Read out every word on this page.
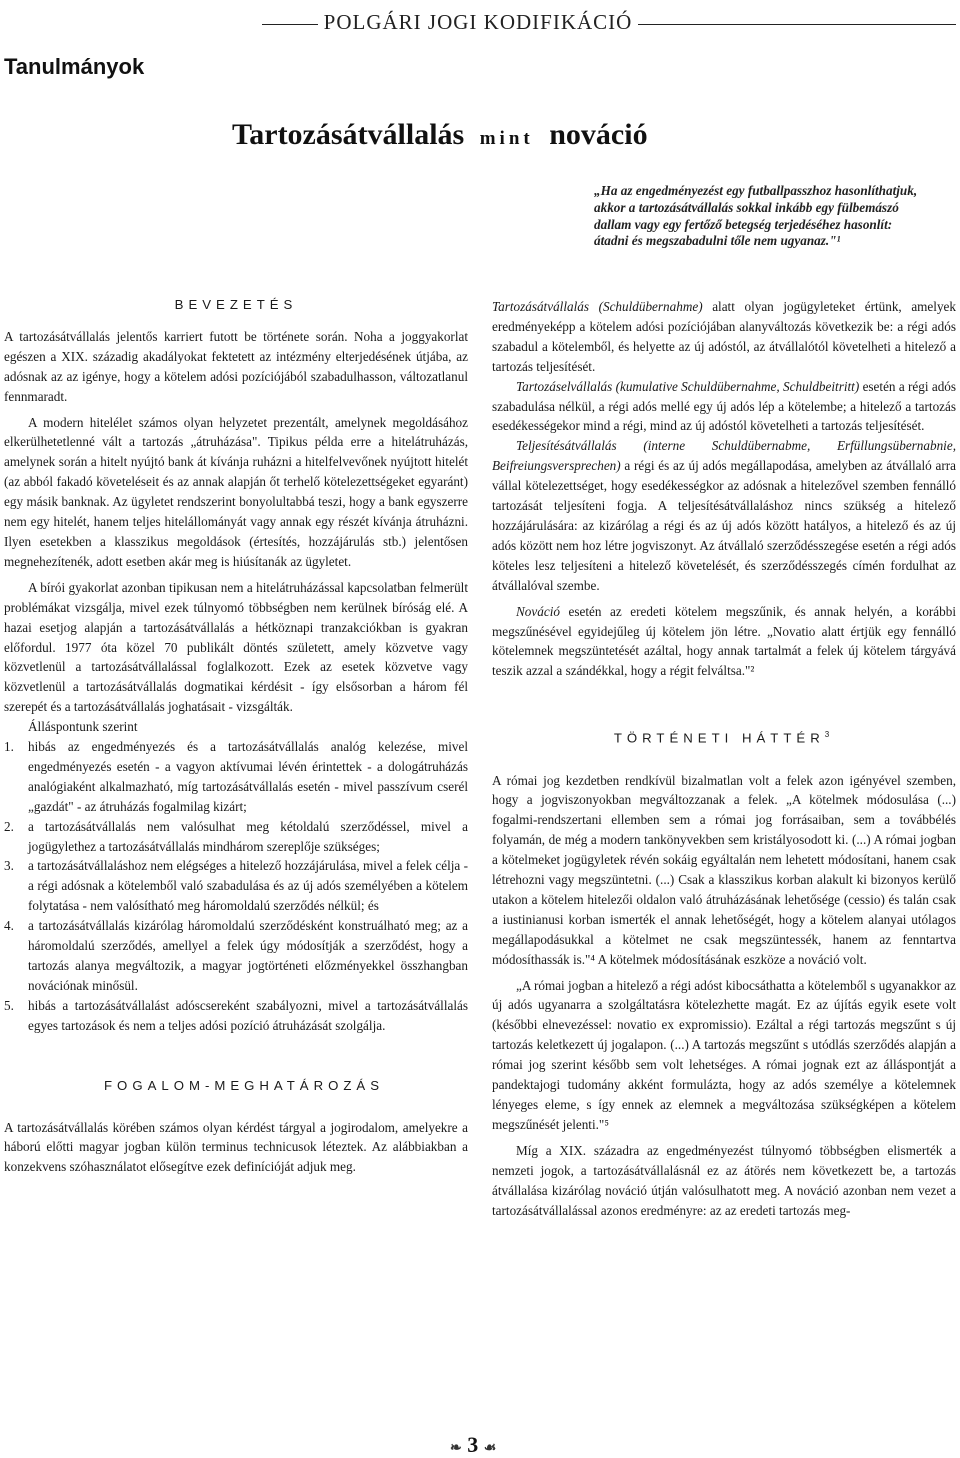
POLGÁRI JOGI KODIFIKÁCIÓ
Tanulmányok
Tartozásátvállalás mint nováció
„Ha az engedményezést egy futballpasszhoz hasonlíthatjuk,
akkor a tartozásátvállalás sokkal inkább egy fülbemászó
dallam vagy egy fertőző betegség terjedéséhez hasonlít:
átadni és megszabadulni tőle nem ugyanaz."¹
BEVEZETÉS

A tartozásátvállalás jelentős karriert futott be története során. Noha a joggyakorlat egészen a XIX. századig akadályokat fektetett az intézmény elterjedésének útjába, az adósnak az az igénye, hogy a kötelem adósi pozíciójából szabadulhasson, változatlanul fennmaradt.

A modern hitelélet számos olyan helyzetet prezentált, amelynek megoldásához elkerülhetetlenné vált a tartozás „átruházása". Tipikus példa erre a hitelátruházás, amelynek során a hitelt nyújtó bank át kívánja ruházni a hitelfelvevőnek nyújtott hitelét (az abból fakadó követeléseit és az annak alapján őt terhelő kötelezettségeket egyaránt) egy másik banknak. Az ügyletet rendszerint bonyolultabbá teszi, hogy a bank egyszerre nem egy hitelét, hanem teljes hitelállományát vagy annak egy részét kívánja átruházni. Ilyen esetekben a klasszikus megoldások (értesítés, hozzájárulás stb.) jelentősen megnehezítenék, adott esetben akár meg is hiúsítanák az ügyletet.

A bírói gyakorlat azonban tipikusan nem a hitelátruházással kapcsolatban felmerült problémákat vizsgálja, mivel ezek túlnyomó többségben nem kerülnek bíróság elé. A hazai esetjog alapján a tartozásátvállalás a hétköznapi tranzakciókban is gyakran előfordul. 1977 óta közel 70 publikált döntés született, amely közvetve vagy közvetlenül a tartozásátvállalással foglalkozott. Ezek az esetek közvetve vagy közvetlenül a tartozásátvállalás dogmatikai kérdésit - így elsősorban a három fél szerepét és a tartozásátvállalás joghatásait - vizsgálták.

Álláspontunk szerint

1. hibás az engedményezés és a tartozásátvállalás analóg kelezése, mivel engedményezés esetén - a vagyon aktívumai lévén érintettek - a dologátruházás analógiaként alkalmazható, míg tartozásátvállalás esetén - mivel passzívum cserél „gazdát" - az átruházás fogalmilag kizárt;
2. a tartozásátvállalás nem valósulhat meg kétoldalú szerződéssel, mivel a jogügylethez a tartozásátvállalás mindhárom szereplője szükséges;
3. a tartozásátvállaláshoz nem elégséges a hitelező hozzájárulása, mivel a felek célja - a régi adósnak a kötelemből való szabadulása és az új adós személyében a kötelem folytatása - nem valósítható meg háromoldalú szerződés nélkül; és
4. a tartozásátvállalás kizárólag háromoldalú szerződésként konstruálható meg; az a háromoldalú szerződés, amellyel a felek úgy módosítják a szerződést, hogy a tartozás alanya megváltozik, a magyar jogtörténeti előzményekkel összhangban novációnak minősül.
5. hibás a tartozásátvállalást adóscsereként szabályozni, mivel a tartozásátvállalás egyes tartozások és nem a teljes adósi pozíció átruházását szolgálja.
FOGALOM-MEGHATÁROZÁS

A tartozásátvállalás körében számos olyan kérdést tárgyal a jogirodalom, amelyekre a háború előtti magyar jogban külön terminus technicusok léteztek. Az alábbiakban a konzekvens szóhasználatot elősegítve ezek definícióját adjuk meg.

Tartozásátvállalás (Schuldübernahme) alatt olyan jogügyleteket értünk, amelyek eredményeképp a kötelem adósi pozíciójában alanyváltozás következik be: a régi adós szabadul a kötelemből, és helyette az új adóstól, az átvállalótól követelheti a hitelező a tartozás teljesítését.

Tartozáselvállalás (kumulative Schuldübernahme, Schuldbeitritt) esetén a régi adós szabadulása nélkül, a régi adós mellé egy új adós lép a kötelembe; a hitelező a tartozás esedékességekor mind a régi, mind az új adóstól követelheti a tartozás teljesítését.

Teljesítésátvállalás (interne Schuldübernabme, Erfüllungsübernabnie, Beifreiungsversprechen) a régi és az új adós megállapodása, amelyben az átvállaló arra vállal kötelezettséget, hogy esedékességkor az adósnak a hitelezővel szemben fennálló tartozását teljesíteni fogja. A teljesítésátvállaláshoz nincs szükség a hitelező hozzájárulására: az kizárólag a régi és az új adós között hatályos, a hitelező és az új adós között nem hoz létre jogviszonyt. Az átvállaló szerződésszegése esetén a régi adós köteles lesz teljesíteni a hitelező követelését, és szerződésszegés címén fordulhat az átvállalóval szembe.

Nováció esetén az eredeti kötelem megszűnik, és annak helyén, a korábbi megszűnésével egyidejűleg új kötelem jön létre. „Novatio alatt értjük egy fennálló kötelemnek megszüntetését azáltal, hogy annak tartalmát a felek új kötelem tárgyává teszik azzal a szándékkal, hogy a régit felváltsa."²

TÖRTÉNETI HÁTTÉR$^3$

A római jog kezdetben rendkívül bizalmatlan volt a felek azon igényével szemben, hogy a jogviszonyokban megváltozzanak a felek. „A kötelmek módosulása (...) fogalmi-rendszertani ellemben sem a római jog forrásaiban, sem a továbbélés folyamán, de még a modern tankönyvekben sem kristályosodott ki. (...) A római jogban a kötelmeket jogügyletek révén sokáig egyáltalán nem lehetett módosítani, hanem csak létrehozni vagy megszüntetni. (...) Csak a klasszikus korban alakult ki bizonyos kerülő utakon a kötelem hitelezői oldalon való átruházásának lehetősége (cessio) és talán csak a iustinianusi korban ismerték el annak lehetőségét, hogy a kötelem alanyai utólagos megállapodásukkal a kötelmet ne csak megszüntessék, hanem az fenntartva módosíthassák is."⁴ A kötelmek módosításának eszköze a nováció volt.

„A római jogban a hitelező a régi adóst kibocsáthatta a kötelemből s ugyanakkor az új adós ugyanarra a szolgáltatásra kötelezhette magát. Ez az újítás egyik esete volt (későbbi elnevezéssel: novatio ex expromissio). Ezáltal a régi tartozás megszűnt s új tartozás keletkezett új jogalapon. (...) A tartozás megszűnt s utódlás szerződés alapján a római jog szerint később sem volt lehetséges. A római jognak ezt az álláspontját a pandektajogi tudomány akként formulázta, hogy az adós személye a kötelemnek lényeges eleme, s így ennek az elemnek a megváltozása szükségképen a kötelem megszűnését jelenti."⁵

Míg a XIX. századra az engedményezést túlnyomó többségben elismerték a nemzeti jogok, a tartozásátvállalásnál ez az átörés nem következett be, a tartozás átvállalása kizárólag nováció útján valósulhatott meg. A nováció azonban nem vezet a tartozásátvállalással azonos eredményre: az az eredeti tartozás meg-

❧ 3 ☙
